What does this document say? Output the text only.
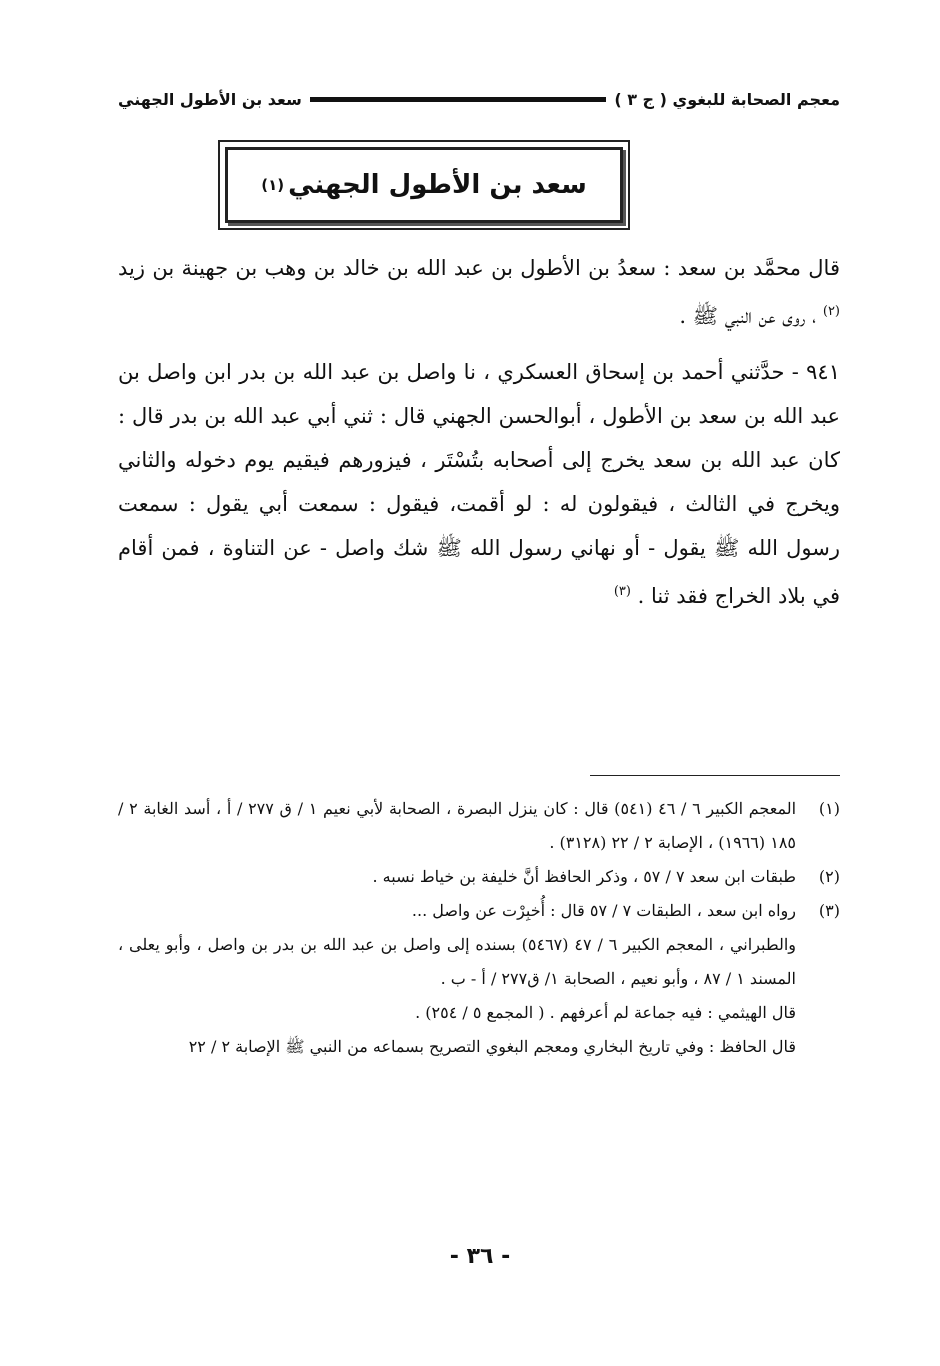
معجم الصحابة للبغوي ( ج ٣ )
سعد بن الأطول الجهني
سعد بن الأطول الجهني
(١)

قال محمَّد بن سعد : سعدُ بن الأطول بن عبد الله بن خالد بن وهب بن جهينة بن زيد $^{(٢)}$ ، روى عن النبي ﷺ .

٩٤١ - حدَّثني أحمد بن إسحاق العسكري ، نا واصل بن عبد الله بن بدر ابن واصل بن عبد الله بن سعد بن الأطول ، أبوالحسن الجهني قال : ثني أبي عبد الله بن بدر قال : كان عبد الله بن سعد يخرج إلى أصحابه بتُسْتَر ، فيزورهم فيقيم يوم دخوله والثاني ويخرج في الثالث ، فيقولون له : لو أقمت، فيقول : سمعت أبي يقول : سمعت رسول الله ﷺ يقول - أو نهاني رسول الله ﷺ شك واصل - عن التناوة ، فمن أقام في بلاد الخراج فقد ثنا . $^{(٣)}$

(١)
المعجم الكبير ٦ / ٤٦ (٥٤١) قال : كان ينزل البصرة ، الصحابة لأبي نعيم ١ / ق ٢٧٧ / أ ، أسد الغابة ٢ / ١٨٥ (١٩٦٦) ، الإصابة ٢ / ٢٢ (٣١٢٨) .
(٢)
طبقات ابن سعد ٧ / ٥٧ ، وذكر الحافظ أنَّ خليفة بن خياط نسبه .
(٣)
رواه ابن سعد ، الطبقات ٧ / ٥٧ قال : أُخبِرْت عن واصل ...
والطبراني ، المعجم الكبير ٦ / ٤٧ (٥٤٦٧) بسنده إلى واصل بن عبد الله بن بدر بن واصل ، وأبو يعلى ، المسند ١ / ٨٧ ، وأبو نعيم ، الصحابة ١/ ق٢٧٧ / أ - ب .
قال الهيثمي : فيه جماعة لم أعرفهم . ( المجمع ٥ / ٢٥٤) .
قال الحافظ : وفي تاريخ البخاري ومعجم البغوي التصريح بسماعه من النبي ﷺ الإصابة ٢ / ٢٢
- ٣٦ -
